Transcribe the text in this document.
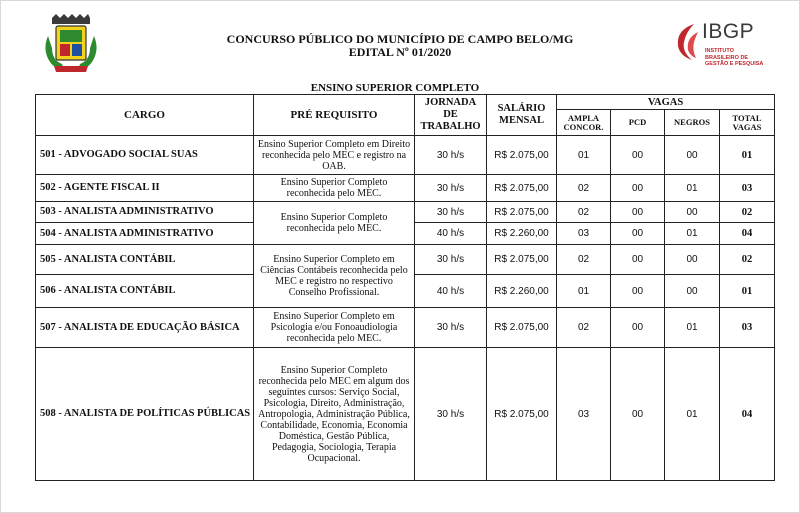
IBGP
INSTITUTO BRASILEIRO DE GESTÃO E PESQUISA
CONCURSO PÚBLICO DO MUNICÍPIO DE CAMPO BELO/MG
EDITAL Nº 01/2020
ENSINO SUPERIOR COMPLETO
CARGO	PRÉ REQUISITO	JORNADA DE TRABALHO	SALÁRIO MENSAL	VAGAS			
				AMPLA CONCOR.	PCD	NEGROS	TOTAL VAGAS
501 - ADVOGADO SOCIAL SUAS	Ensino Superior Completo em Direito reconhecida pelo MEC e registro na OAB.	30 h/s	R$ 2.075,00	01	00	00	01
502 - AGENTE FISCAL II	Ensino Superior Completo reconhecida pelo MEC.	30 h/s	R$ 2.075,00	02	00	01	03
503 - ANALISTA ADMINISTRATIVO	Ensino Superior Completo reconhecida pelo MEC.	30 h/s	R$ 2.075,00	02	00	00	02
504 - ANALISTA ADMINISTRATIVO		40 h/s	R$ 2.260,00	03	00	01	04
505 - ANALISTA CONTÁBIL	Ensino Superior Completo em Ciências Contábeis reconhecida pelo MEC e registro no respectivo Conselho Profissional.	30 h/s	R$ 2.075,00	02	00	00	02
506 - ANALISTA CONTÁBIL		40 h/s	R$ 2.260,00	01	00	00	01
507 - ANALISTA DE EDUCAÇÃO BÁSICA	Ensino Superior Completo em Psicologia e/ou Fonoaudiologia reconhecida pelo MEC.	30 h/s	R$ 2.075,00	02	00	01	03
508 - ANALISTA DE POLÍTICAS PÚBLICAS	Ensino Superior Completo reconhecida pelo MEC em algum dos seguintes cursos: Serviço Social, Psicologia, Direito, Administração, Antropologia, Administração Pública, Contabilidade, Economia, Economia Doméstica, Gestão Pública, Pedagogia, Sociologia, Terapia Ocupacional.	30 h/s	R$ 2.075,00	03	00	01	04
